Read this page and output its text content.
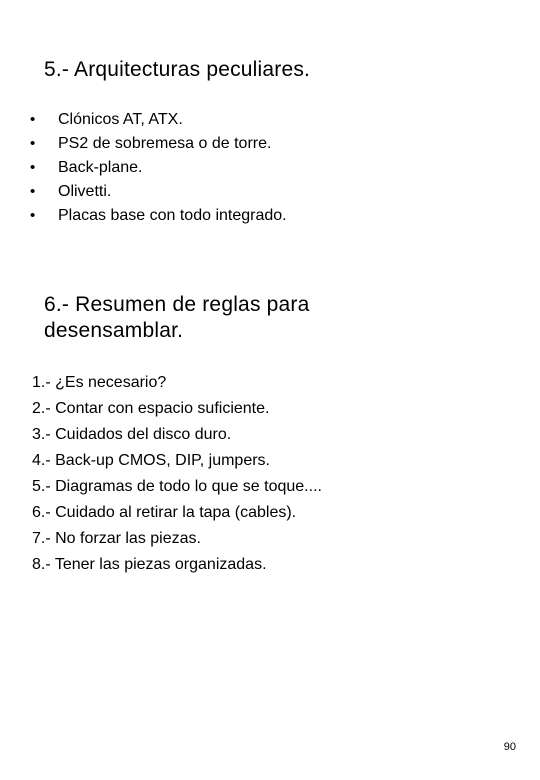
5.- Arquitecturas peculiares.
• Clónicos AT, ATX.
• PS2 de sobremesa o de torre.
• Back-plane.
• Olivetti.
• Placas base con todo integrado.
6.- Resumen de reglas para
desensamblar.
1.- ¿Es necesario?
2.- Contar con espacio suficiente.
3.- Cuidados del disco duro.
4.- Back-up CMOS, DIP, jumpers.
5.- Diagramas de todo lo que se toque....
6.- Cuidado al retirar la tapa (cables).
7.- No forzar las piezas.
8.- Tener las piezas organizadas.
90
